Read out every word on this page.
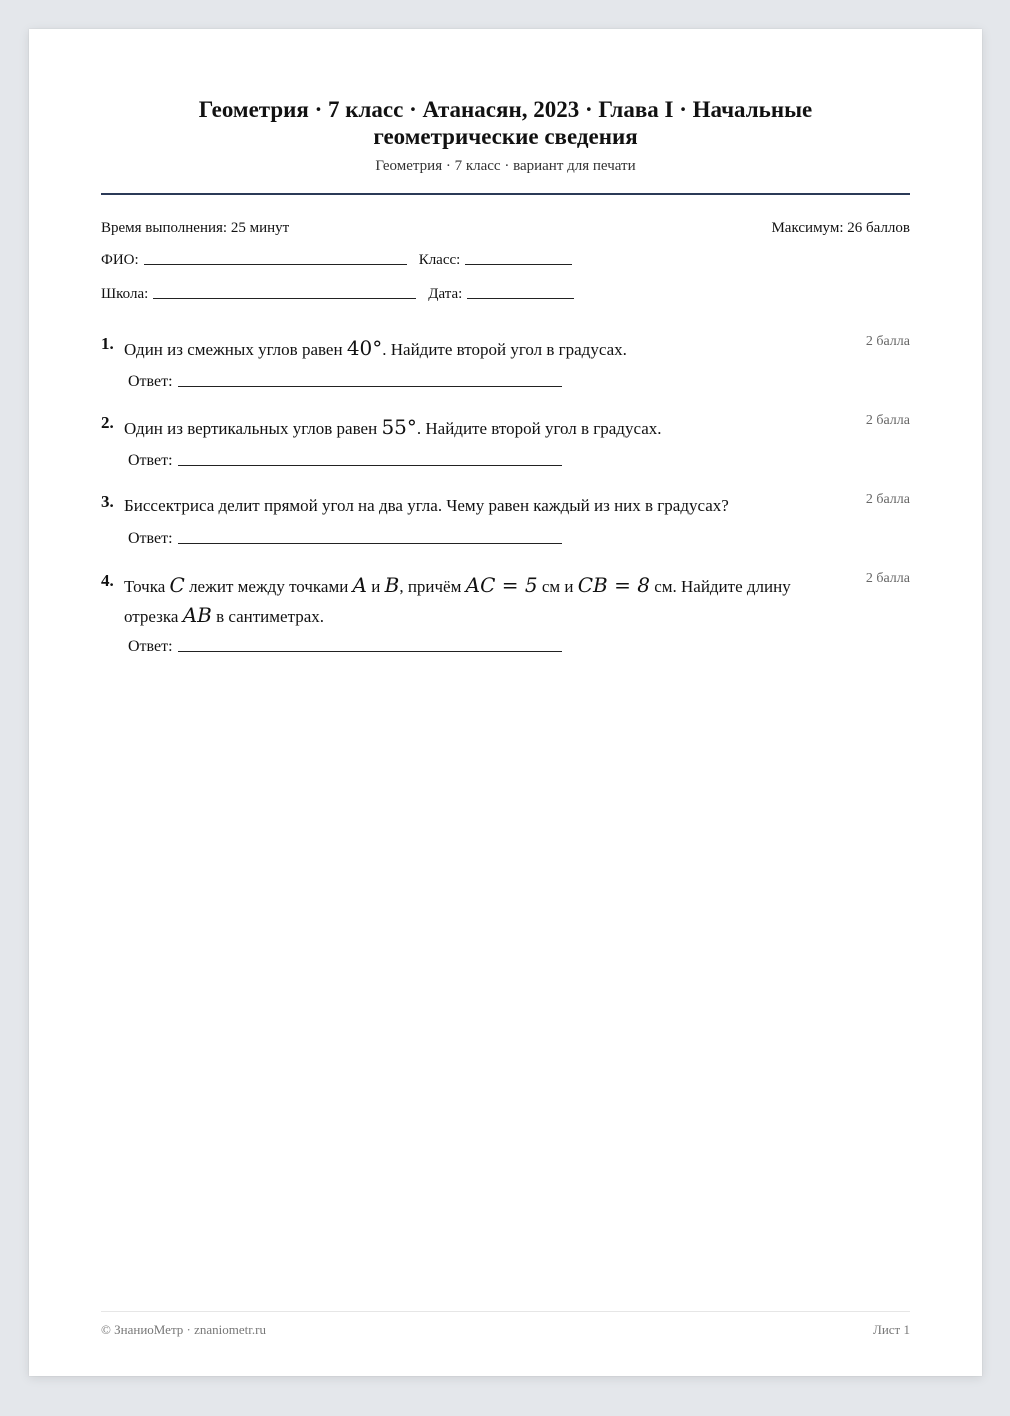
Геометрия · 7 класс · Атанасян, 2023 · Глава I · Начальные геометрические сведения
Геометрия · 7 класс · вариант для печати
Время выполнения: 25 минут	Максимум: 26 баллов
ФИО:	Класс:
Школа:	Дата:
1. Один из смежных углов равен 40°. Найдите второй угол в градусах.	2 балла
Ответ:
2. Один из вертикальных углов равен 55°. Найдите второй угол в градусах.	2 балла
Ответ:
3. Биссектриса делит прямой угол на два угла. Чему равен каждый из них в градусах?	2 балла
Ответ:
4. Точка C лежит между точками A и B, причём AC = 5 см и CB = 8 см. Найдите длину отрезка AB в сантиметрах.
2 балла
Ответ:
© ЗнаниоМетр · znaniometr.ru	Лист 1
